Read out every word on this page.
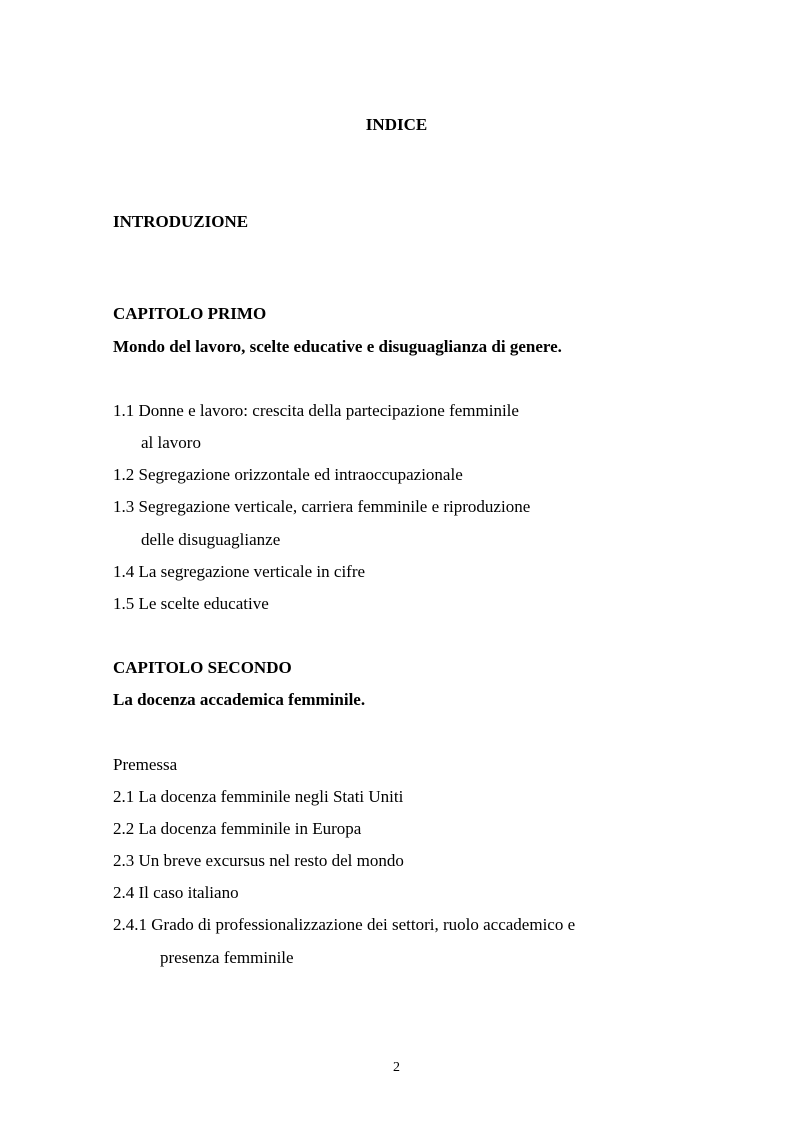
INDICE
INTRODUZIONE
CAPITOLO PRIMO
Mondo del lavoro, scelte educative e disuguaglianza di genere.
1.1 Donne e lavoro: crescita della partecipazione femminile
al lavoro
1.2 Segregazione orizzontale ed intraoccupazionale
1.3 Segregazione verticale, carriera femminile e riproduzione
delle disuguaglianze
1.4 La segregazione verticale in cifre
1.5 Le scelte educative
CAPITOLO SECONDO
La docenza accademica femminile.
Premessa
2.1 La docenza femminile negli Stati Uniti
2.2 La docenza femminile in Europa
2.3 Un breve excursus nel resto del mondo
2.4 Il caso italiano
2.4.1 Grado di professionalizzazione dei settori, ruolo accademico e
presenza femminile
2
